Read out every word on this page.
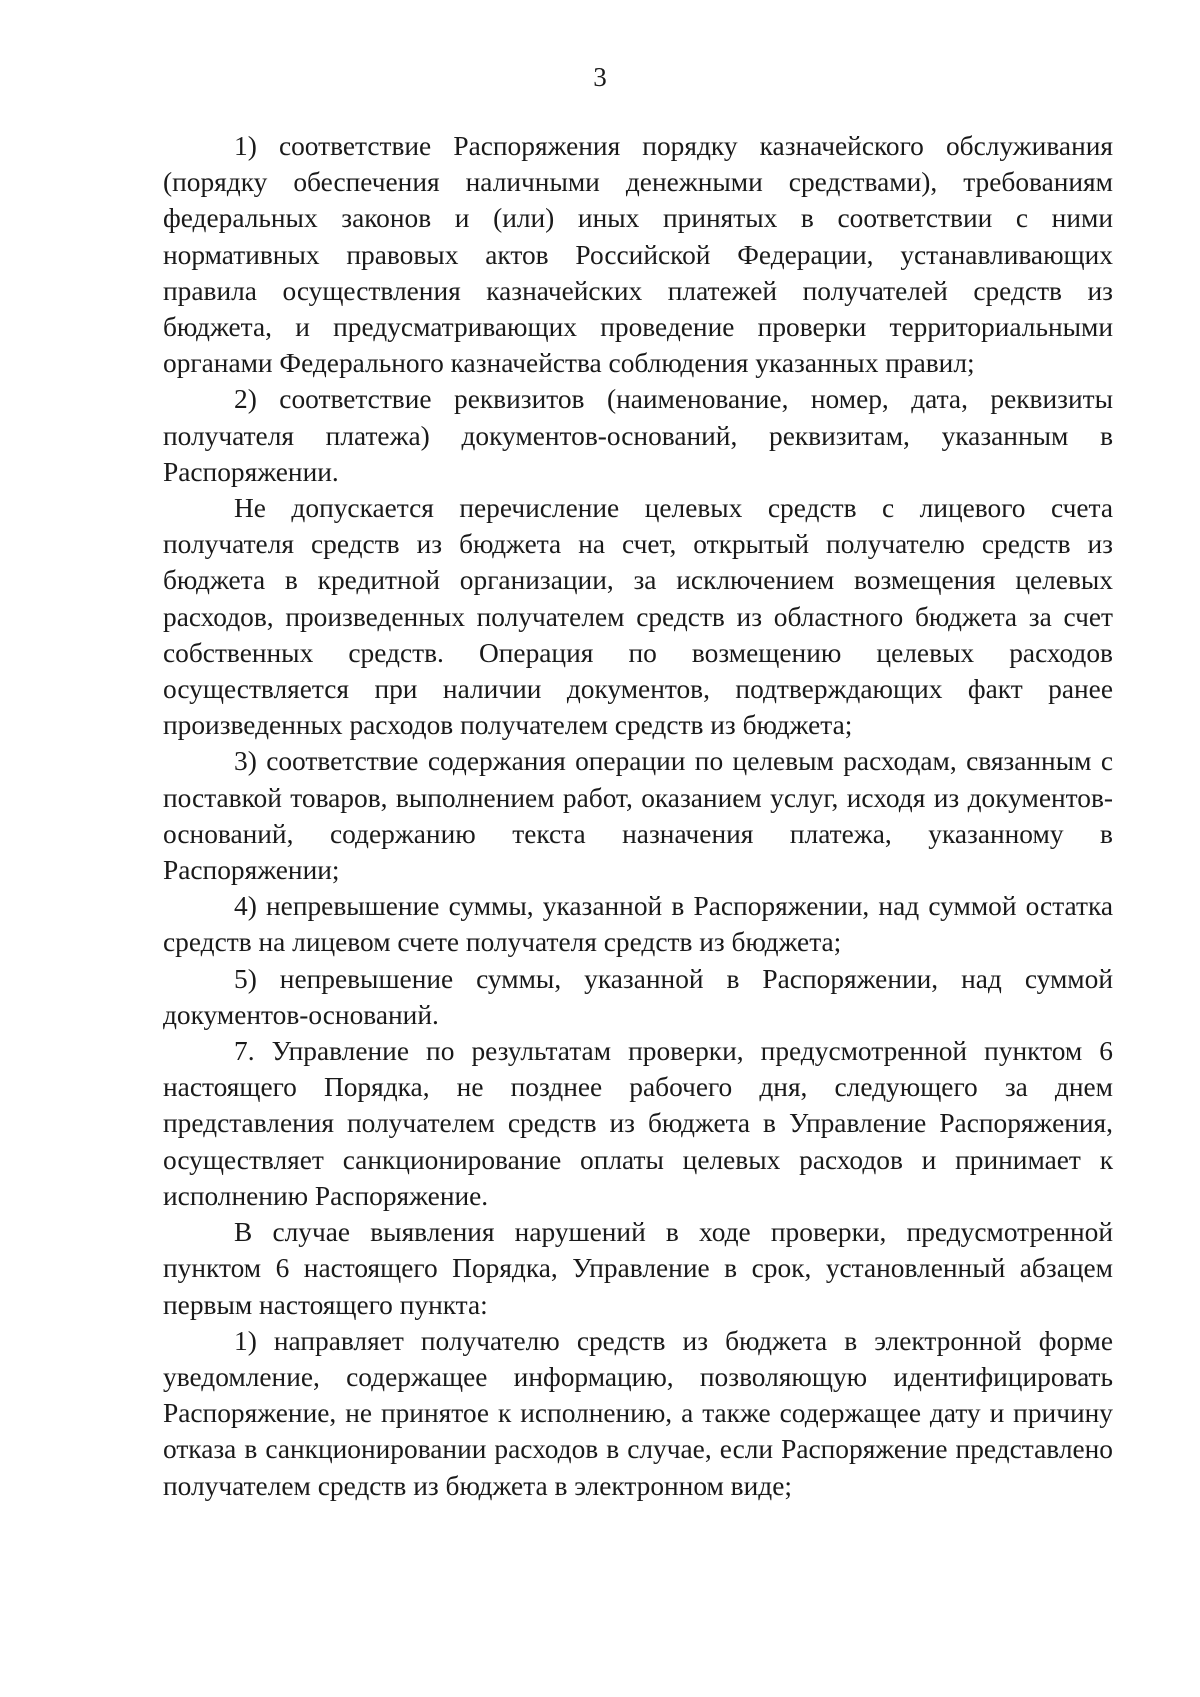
3

1) соответствие Распоряжения порядку казначейского обслуживания (порядку обеспечения наличными денежными средствами), требованиям федеральных законов и (или) иных принятых в соответствии с ними нормативных правовых актов Российской Федерации, устанавливающих правила осуществления казначейских платежей получателей средств из бюджета, и предусматривающих проведение проверки территориальными органами Федерального казначейства соблюдения указанных правил;

2) соответствие реквизитов (наименование, номер, дата, реквизиты получателя платежа) документов-оснований, реквизитам, указанным в Распоряжении.

Не допускается перечисление целевых средств с лицевого счета получателя средств из бюджета на счет, открытый получателю средств из бюджета в кредитной организации, за исключением возмещения целевых расходов, произведенных получателем средств из областного бюджета за счет собственных средств. Операция по возмещению целевых расходов осуществляется при наличии документов, подтверждающих факт ранее произведенных расходов получателем средств из бюджета;

3) соответствие содержания операции по целевым расходам, связанным с поставкой товаров, выполнением работ, оказанием услуг, исходя из документов-оснований, содержанию текста назначения платежа, указанному в Распоряжении;

4) непревышение суммы, указанной в Распоряжении, над суммой остатка средств на лицевом счете получателя средств из бюджета;

5) непревышение суммы, указанной в Распоряжении, над суммой документов-оснований.

7. Управление по результатам проверки, предусмотренной пунктом 6 настоящего Порядка, не позднее рабочего дня, следующего за днем представления получателем средств из бюджета в Управление Распоряжения, осуществляет санкционирование оплаты целевых расходов и принимает к исполнению Распоряжение.

В случае выявления нарушений в ходе проверки, предусмотренной пунктом 6 настоящего Порядка, Управление в срок, установленный абзацем первым настоящего пункта:

1) направляет получателю средств из бюджета в электронной форме уведомление, содержащее информацию, позволяющую идентифицировать Распоряжение, не принятое к исполнению, а также содержащее дату и причину отказа в санкционировании расходов в случае, если Распоряжение представлено получателем средств из бюджета в электронном виде;
